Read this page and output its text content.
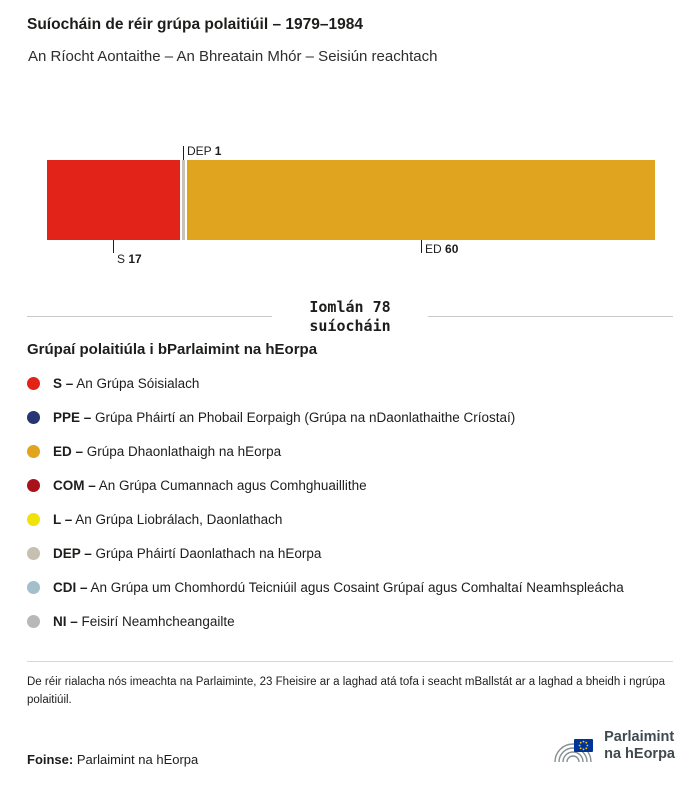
Suíocháin de réir grúpa polaitiúil – 1979–1984
An Ríocht Aontaithe – An Bhreatain Mhór – Seisiún reachtach
S 17
DEP 1
ED 60
Iomlán 78
suíocháin
Grúpaí polaitiúla i bParlaimint na hEorpa
S – An Grúpa Sóisialach
PPE – Grúpa Pháirtí an Phobail Eorpaigh (Grúpa na nDaonlathaithe Críostaí)
ED – Grúpa Dhaonlathaigh na hEorpa
COM – An Grúpa Cumannach agus Comhghuaillithe
L – An Grúpa Liobrálach, Daonlathach
DEP – Grúpa Pháirtí Daonlathach na hEorpa
CDI – An Grúpa um Chomhordú Teicniúil agus Cosaint Grúpaí agus Comhaltaí Neamhspleácha
NI – Feisirí Neamhcheangailte
De réir rialacha nós imeachta na Parlaiminte, 23 Fheisire ar a laghad atá tofa i seacht mBallstát ar a laghad a bheidh i ngrúpa polaitiúil.
Foinse: Parlaimint na hEorpa
Parlaimint
na hEorpa
